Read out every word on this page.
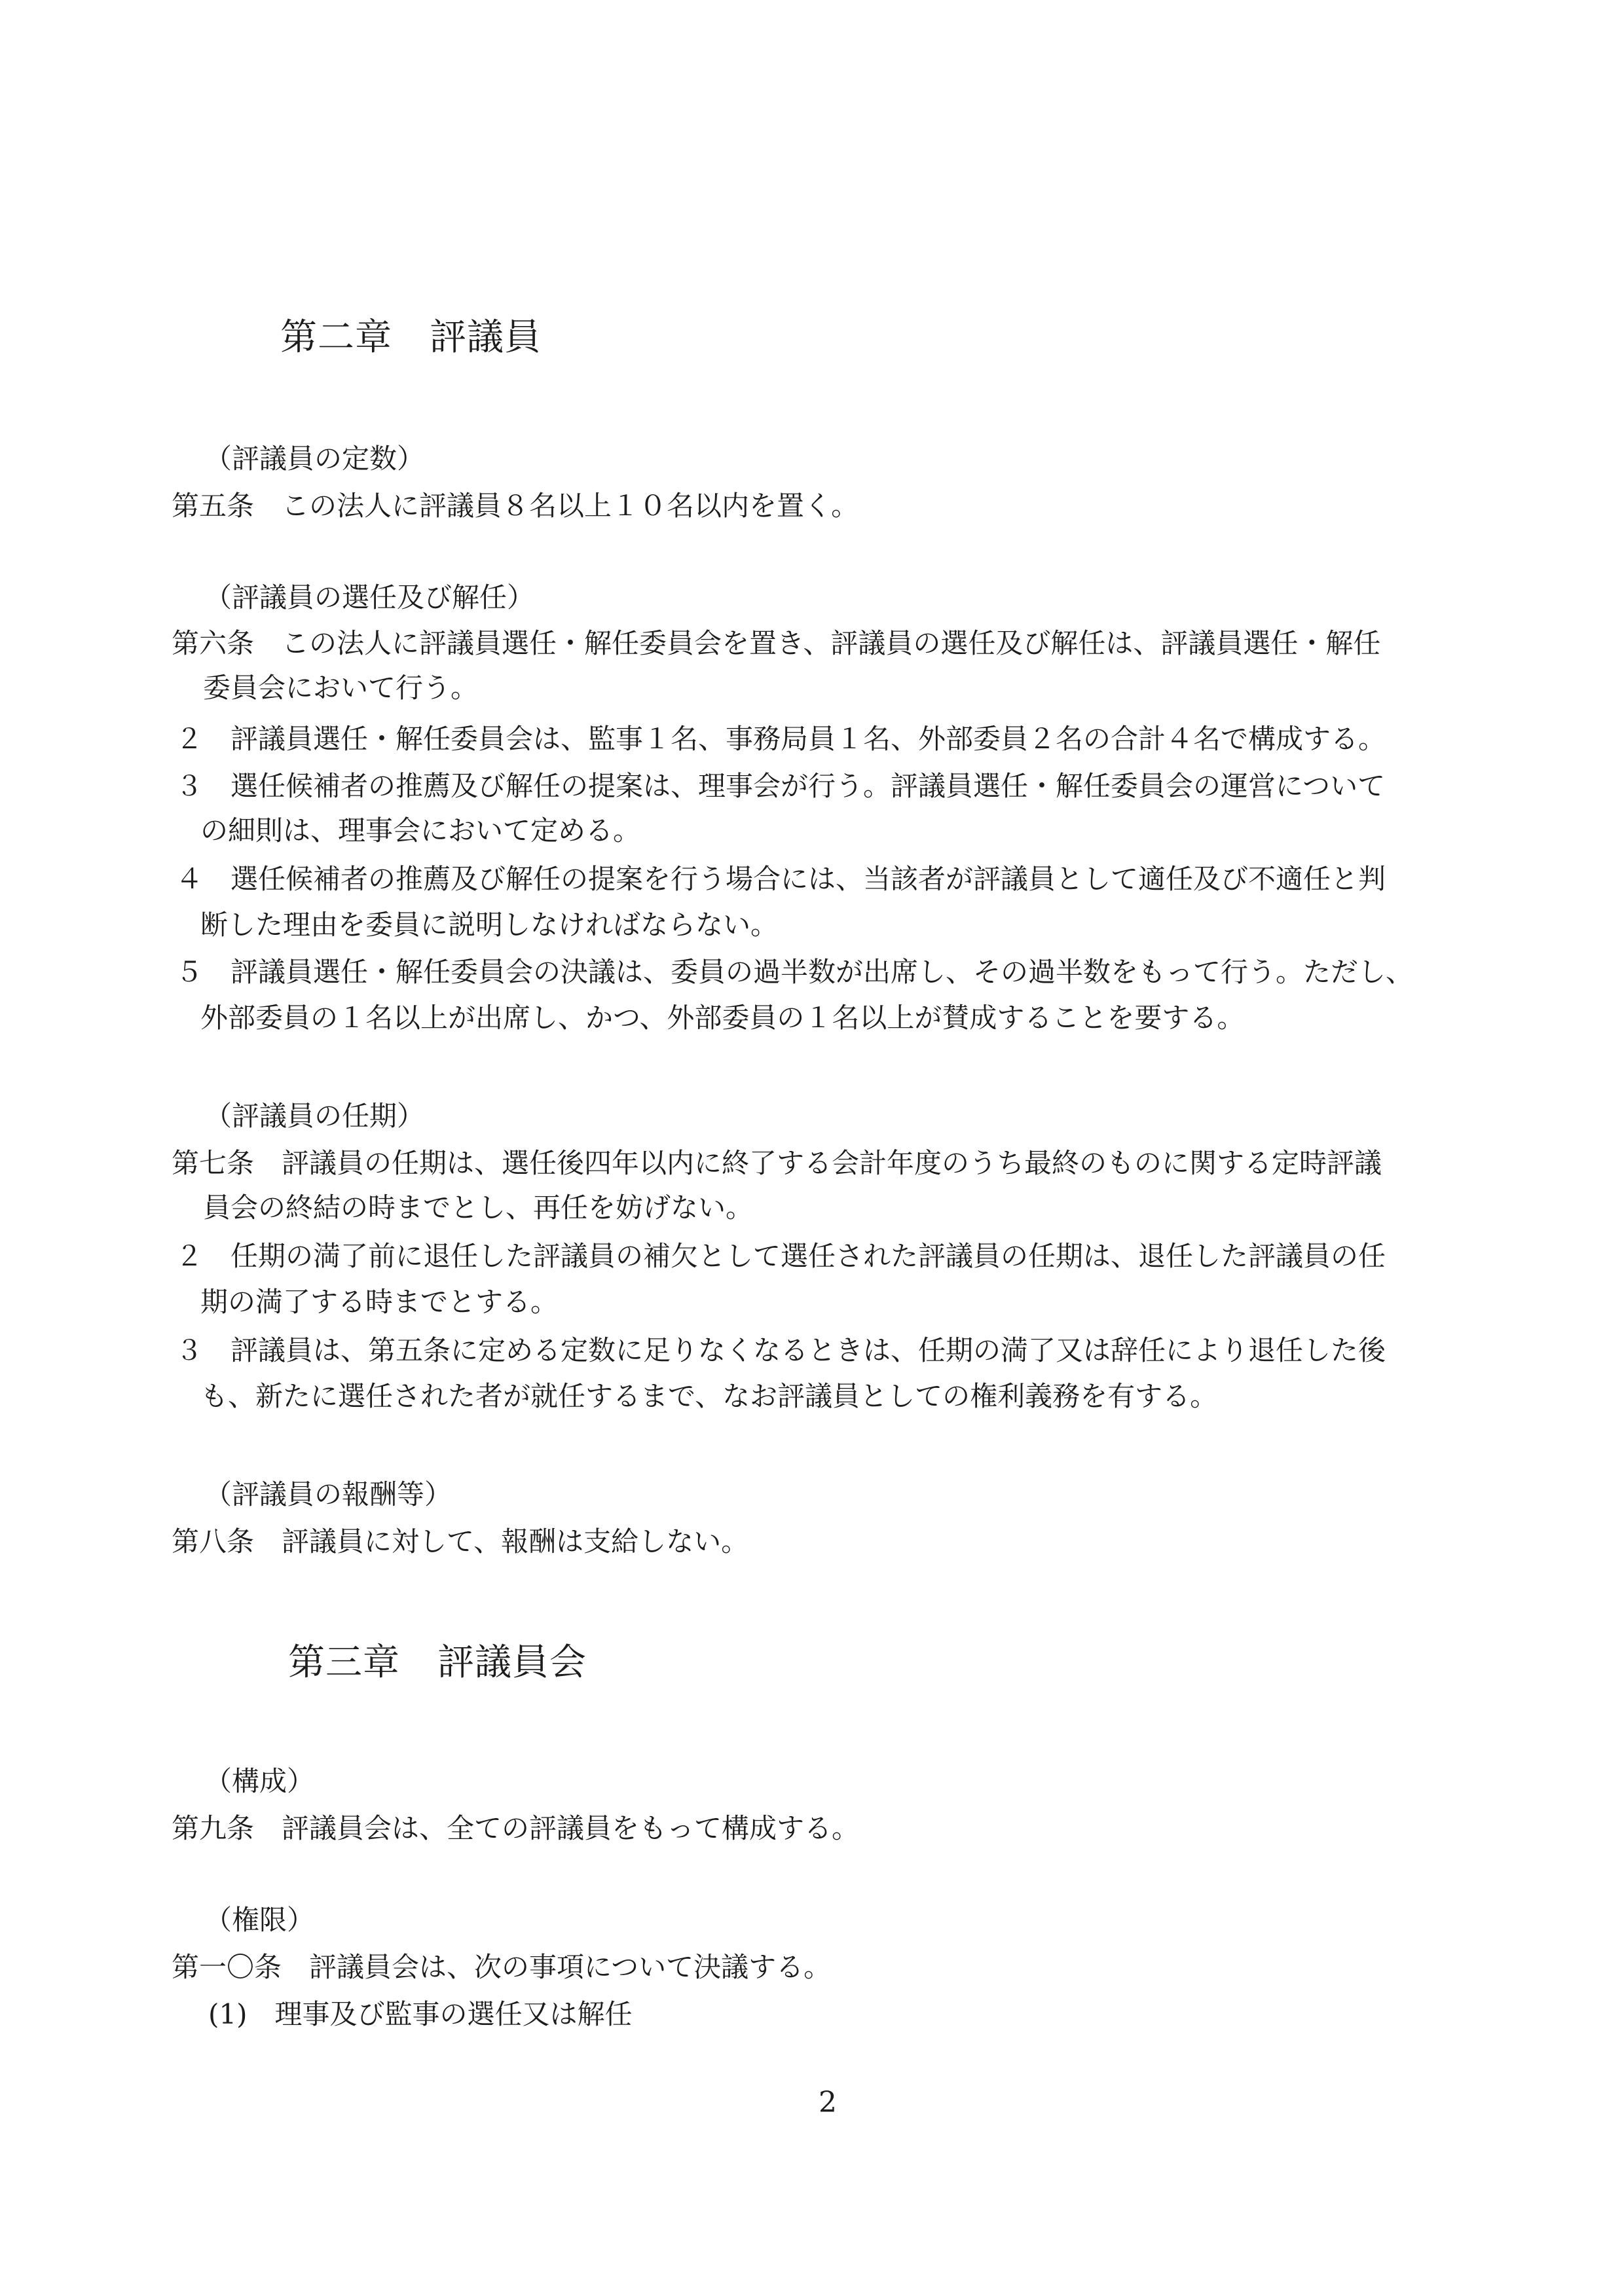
第二章　評議員
（評議員の定数）
第五条　この法人に評議員８名以上１０名以内を置く。
（評議員の選任及び解任）
第六条　この法人に評議員選任・解任委員会を置き、評議員の選任及び解任は、評議員選任・解任
委員会において行う。
２　評議員選任・解任委員会は、監事１名、事務局員１名、外部委員２名の合計４名で構成する。
３　選任候補者の推薦及び解任の提案は、理事会が行う。評議員選任・解任委員会の運営について
の細則は、理事会において定める。
４　選任候補者の推薦及び解任の提案を行う場合には、当該者が評議員として適任及び不適任と判
断した理由を委員に説明しなければならない。
５　評議員選任・解任委員会の決議は、委員の過半数が出席し、その過半数をもって行う。ただし、
外部委員の１名以上が出席し、かつ、外部委員の１名以上が賛成することを要する。
（評議員の任期）
第七条　評議員の任期は、選任後四年以内に終了する会計年度のうち最終のものに関する定時評議
員会の終結の時までとし、再任を妨げない。
２　任期の満了前に退任した評議員の補欠として選任された評議員の任期は、退任した評議員の任
期の満了する時までとする。
３　評議員は、第五条に定める定数に足りなくなるときは、任期の満了又は辞任により退任した後
も、新たに選任された者が就任するまで、なお評議員としての権利義務を有する。
（評議員の報酬等）
第八条　評議員に対して、報酬は支給しない。
第三章　評議員会
（構成）
第九条　評議員会は、全ての評議員をもって構成する。
（権限）
第一〇条　評議員会は、次の事項について決議する。
(1)　理事及び監事の選任又は解任
2
